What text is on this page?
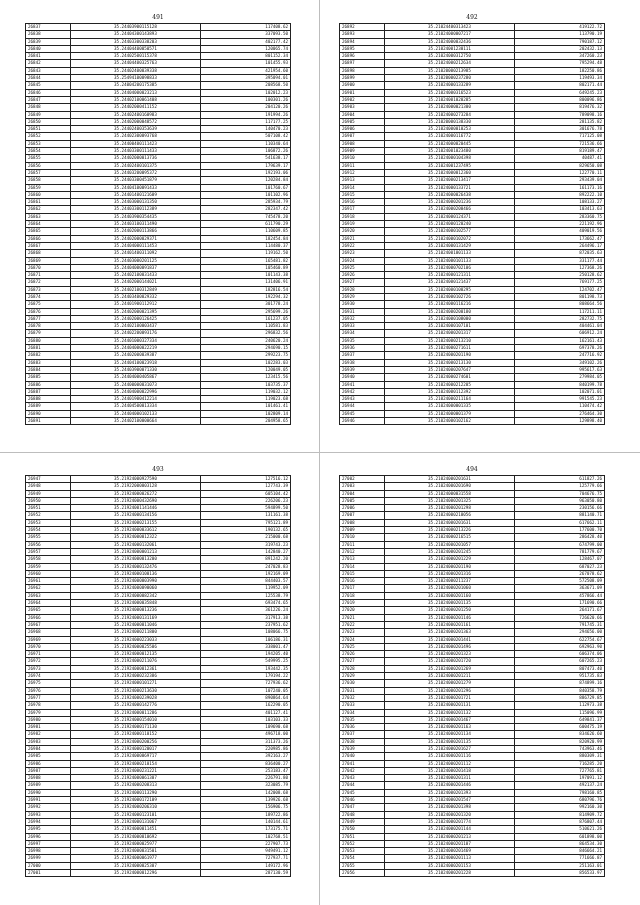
491
26837	35.24403900115128	117408.62
26838	35.24404300143893	337093.50
26839	35.24403300338203	402177.42
26840	35.24404400050571	120065.74
26841	35.24402500115378	801152.34
26842	35.24404400325763	101455.93
26843	35.24402400039338	421954.60
26844	35.25494100098833	395094.01
26845	35.24004200175385	208568.50
26846	35.24404000023213	102012.23
26847	35.24402100061408	100301.26
26848	35.24402000411152	204120.26
26849	35.24402400160983	191994.26
26850	35.24402000048572	117177.25
26851	35.24402400353639	140470.23
26852	35.24402300093768	507108.42
26853	35.24400400111423	110340.64
26854	35.24403300111433	106872.26
26855	35.24402000013736	541638.17
26856	35.24402400101375	179639.17
26857	35.24403200095372	192193.06
26858	35.24403300451879	120284.84
26859	35.24404100091433	101760.67
26860	35.24401400121609	101102.96
26861	35.24403000131350	285934.79
26862	35.24403300112389	282347.42
26863	35.24403900354435	745478.20
26864	35.24403100311490	611790.29
26865	35.24402000113866	110609.85
26866	35.24402000029371	182454.84
26867	35.24404000111453	114480.37
26868	35.24401400311092	119162.50
26869	35.24403000201125	165481.82
26870	35.24404000091837	105460.89
26871	35.24402100031433	101143.38
26872	35.24402000144021	131406.91
26873	35.24402100312849	182816.54
26874	35.24403400029332	192294.32
26875	35.24401900112912	301778.24
26876	35.24402000021395	295699.26
26877	35.24402000126425	161237.05
26878	35.24402100003437	110581.83
26879	35.24402200093176	296832.56
26880	35.24401000327334	240620.24
26881	35.24404000022219	294690.15
26882	35.24402000039387	299223.75
26883	35.24404100023918	102283.03
26884	35.24403900071330	120049.05
26885	35.24404000405867	123415.56
26886	35.24400000031073	103735.37
26887	35.24404000022996	119032.12
26888	35.24401900412214	119023.68
26889	35.24404500013334	101461.41
26890	35.24404000102133	102809.14
26891	35.24402100000664	204958.65
492
26892	35.21024400313423	419122.72
26893	35.21024000007217	113790.19
26894	35.21024000032436	790187.12
26895	35.21024001230111	202432.13
26896	35.21024000312750	347260.23
26897	35.21024000212634	795294.48
26898	35.21020000213985	182250.86
26899	35.21020000237280	119493.34
26900	35.21024000133289	802171.44
26901	35.21024000316523	649245.23
26902	35.21024001020285	800096.86
26903	35.21024000021300	819476.32
26904	35.21024000273284	789098.16
26905	35.21020000138330	281135.82
26906	35.21024000010253	301676.78
26907	35.21024000116772	717125.08
26908	35.21024000020445	721536.66
26909	35.21024001023480	819189.47
26910	35.21024000104398	40487.41
26911	35.21024001237495	829650.08
26912	35.21024000012360	122770.11
26913	35.21024000213417	293439.04
26914	35.21024000133721	161173.16
26915	35.21024000026438	892222.10
26916	35.21024000201236	108133.27
26917	35.21024000200466	103413.63
26918	35.21024000124371	283360.75
26919	35.21024000120240	221192.96
26920	35.21024000102577	409019.56
26921	35.21024000102072	173662.47
26922	35.21024000131429	264496.17
26923	35.21024001001133	872035.63
26924	35.21024000101133	331177.44
26925	35.21024000702106	127368.26
26926	35.21024000121311	250128.62
26927	35.21024000121437	769177.25
26928	35.21024000100295	124702.47
26929	35.21024000102726	801198.73
26930	35.21024000116216	808664.56
26931	35.21024000200180	117211.11
26932	35.21024000108000	282732.75
26933	35.21024000107101	404461.04
26934	35.21024000201317	606912.24
26935	35.21024000213210	162161.43
26936	35.21024000271611	697378.26
26937	35.21024000201190	247716.92
26938	35.21024000213130	349102.26
26939	35.21024000207647	995617.63
26940	35.21024000274601	279984.05
26941	35.21024000212205	840199.78
26942	35.21024000112392	102071.01
26943	35.21024000211164	991545.23
26944	35.21024000001335	110474.42
26945	35.21024000001379	276464.30
26946	35.21024000102162	129898.40
493
26947	35.21924000927590	127516.12
26948	35.21922000003128	127743.39
26949	35.21924000026272	605104.42
26950	35.21924000432690	226206.23
26951	35.21924001141446	594899.50
26952	35.21924000134156	131161.38
26953	35.21924000213155	795121.89
26954	35.21924000033612	190132.65
26955	35.21924000012322	215000.68
26956	35.21924000132061	319743.23
26957	35.21924000001213	142840.27
26958	35.21924000013200	891242.20
26959	35.21924000132476	247028.83
26960	35.21924000100136	192169.09
26961	35.21924000003990	844403.57
26962	35.21924000090060	119952.09
26963	35.21924000082342	125538.79
26964	35.21924000035848	693474.65
26965	35.21924000013236	361226.24
26966	35.21924000131169	317913.38
26967	35.21924000011046	237951.62
26968	35.21924000211800	108066.75
26969	35.21924000223033	106186.31
26970	35.21924000025506	338001.47
26971	35.21924000012135	194205.40
26972	35.21924000211076	549995.25
26973	35.21924000012361	193442.35
26974	35.21924000232386	179194.22
26975	35.21924000101271	727936.62
26976	35.21924000213630	107240.05
26977	35.21924000239028	890864.64
26978	35.21924000142776	162290.05
26979	35.21924000011286	401127.41
26980	35.21924000154010	103103.33
26981	35.21924000171130	109690.68
26982	35.21924000110152	496718.00
26983	35.21924000200256	311373.26
26984	35.21924000120017	220985.86
26985	35.21924000069717	392163.27
26986	35.21924000210154	836400.27
26987	35.21924000231221	253183.47
26988	35.21924000061307	226791.80
26989	35.21924000208313	323085.79
26990	35.21924000113290	142008.68
26991	35.21924000172109	139926.68
26992	35.21924000206310	156906.75
26993	35.21924000123101	189722.86
26994	35.21924000131067	140144.61
26995	35.21924000011451	173175.71
26996	35.21924000010692	102768.51
26997	35.21924000025977	227907.73
26998	35.21924000031501	949491.12
26999	35.21924000061977	727937.71
27000	35.21924000025307	149172.96
27001	35.21924000012296	287130.59
494
27002	35.21024000201631	611827.26
27003	35.21024000201690	125779.66
27004	35.21024000031558	704676.75
27005	35.21024000201325	963050.80
27006	35.21024000201298	230156.66
27007	35.21024000210056	881140.71
27008	35.21024000201631	617662.11
27009	35.21024000213226	177600.70
27010	35.21024000216515	286428.40
27011	35.21024000201057	674799.00
27012	35.21024000201245	781779.67
27013	35.21024000201229	128467.07
27014	35.21024000201190	687027.23
27015	35.21024000201316	267078.62
27016	35.21024000211237	572508.09
27017	35.21024000201060	363671.09
27018	35.21024000201160	457866.44
27019	35.21024000201135	171690.66
27020	35.21024000201250	264171.67
27021	35.21024000201146	726620.66
27022	35.21024000201161	791745.31
27023	35.21024000201363	294656.00
27024	35.21024000201441	622754.67
27025	35.21024000201496	692963.90
27026	35.21024000201323	606374.06
27027	35.21024000201720	607265.23
27028	35.21024000201269	807473.40
27029	35.21024000201211	951735.83
27030	35.21024000201279	874899.16
27031	35.21024000201296	840358.79
27032	35.21024000201721	886729.85
27033	35.21024000201131	112973.38
27034	35.21024000201132	115096.99
27035	35.21024000201467	649841.37
27036	35.21024000201163	600475.19
27037	35.21024000201134	834626.60
27038	35.21024000201135	820920.99
27039	35.21024000201627	743963.46
27040	35.21024000201116	880309.31
27041	35.21024000201112	716285.20
27042	35.21024000201418	727765.81
27043	35.21024000201311	197091.12
27044	35.21024000201446	492137.24
27045	35.21024000201393	798160.85
27046	35.21024000201547	680796.76
27047	35.21024000201398	992160.30
27048	35.21024000201320	814909.72
27049	35.21024000201774	876807.44
27050	35.21024000201144	510621.26
27051	35.21024000201213	601898.00
27052	35.21024000201107	864534.30
27053	35.21024000201469	846664.21
27054	35.21024000201113	771666.87
27055	35.21024000201153	251163.01
27056	35.21024000201228	856533.97
